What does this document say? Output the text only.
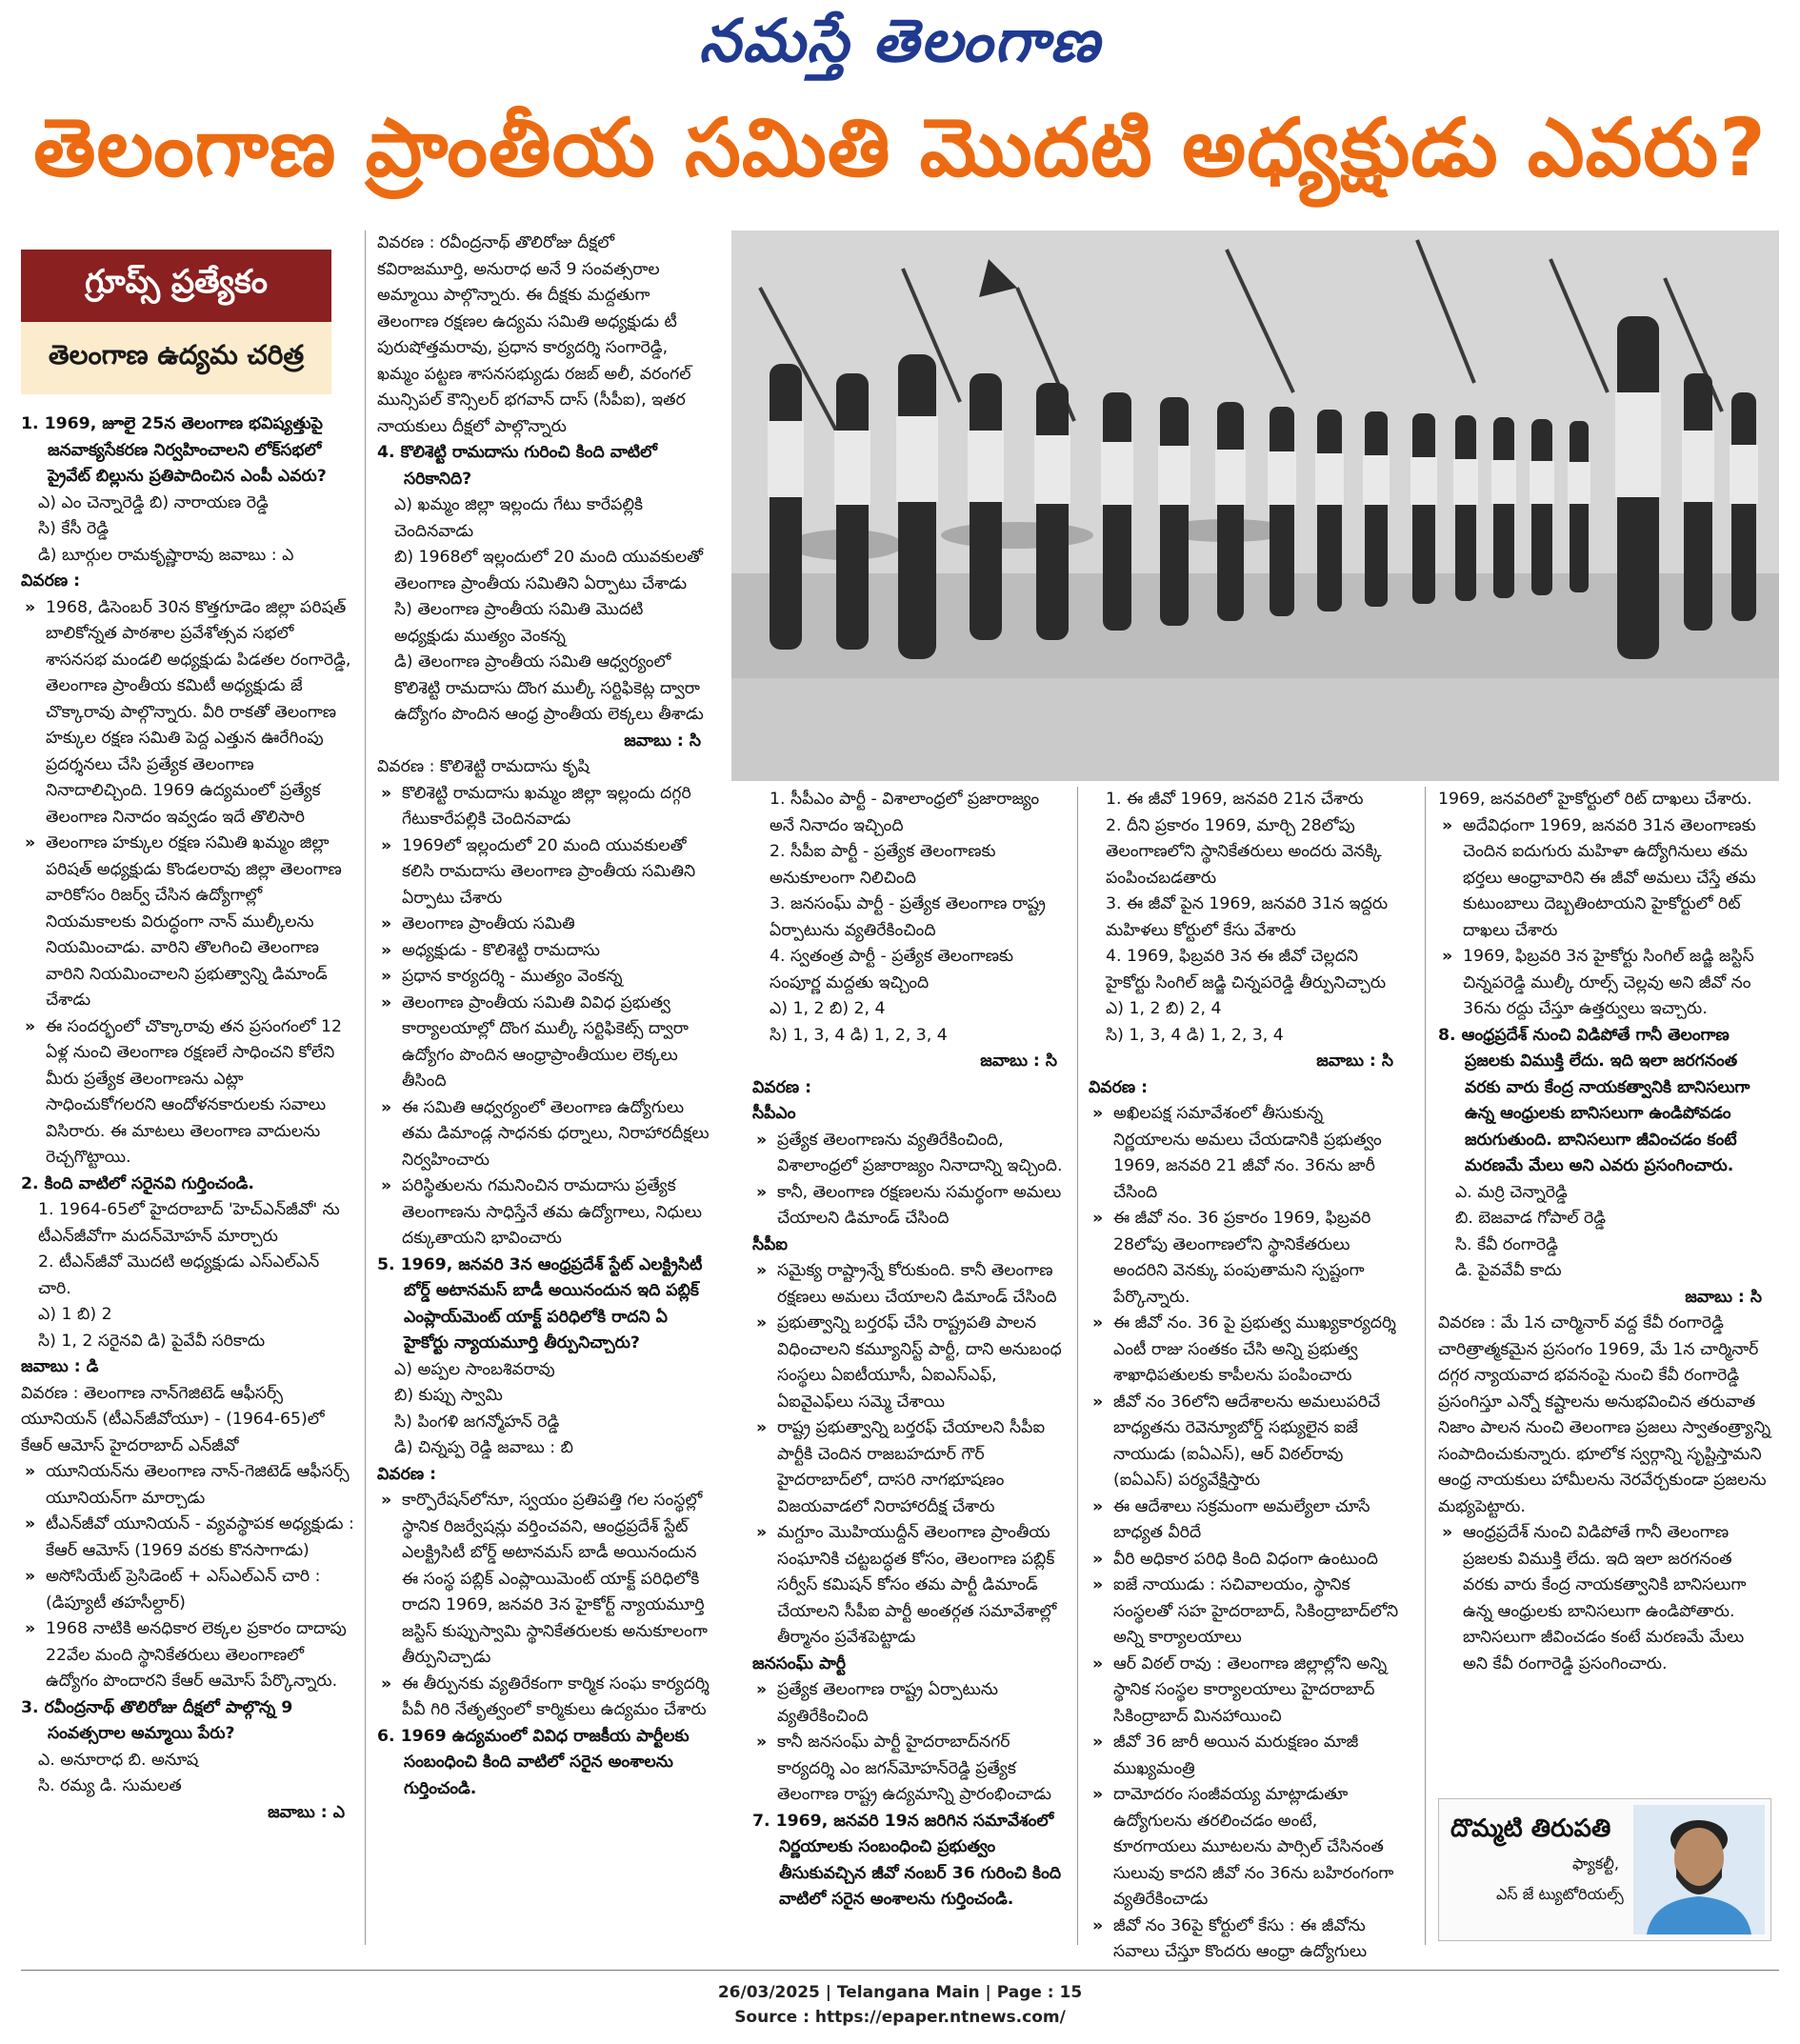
నమస్తే తెలంగాణ
తెలంగాణ ప్రాంతీయ సమితి మొదటి అధ్యక్షుడు ఎవరు?
గ్రూప్స్ ప్రత్యేకం
తెలంగాణ ఉద్యమ చరిత్ర

1. 1969, జూలై 25న తెలంగాణ భవిష్యత్తుపై జనవాక్యసేకరణ నిర్వహించాలని లోక్‌సభలో ప్రైవేట్ బిల్లును ప్రతిపాదించిన ఎంపీ ఎవరు?

ఎ) ఎం చెన్నారెడ్డి బి) నారాయణ రెడ్డి

సి) కేసీ రెడ్డి

డి) బూర్గుల రామకృష్ణారావు జవాబు : ఎ

వివరణ :

» 1968, డిసెంబర్ 30న కొత్తగూడెం జిల్లా పరిషత్ బాలికోన్నత పాఠశాల ప్రవేశోత్సవ సభలో శాసనసభ మండలి అధ్యక్షుడు పిడతల రంగారెడ్డి, తెలంగాణ ప్రాంతీయ కమిటీ అధ్యక్షుడు జే చొక్కారావు పాల్గొన్నారు. వీరి రాకతో తెలంగాణ హక్కుల రక్షణ సమితి పెద్ద ఎత్తున ఊరేగింపు ప్రదర్శనలు చేసి ప్రత్యేక తెలంగాణ నినాదాలిచ్చింది. 1969 ఉద్యమంలో ప్రత్యేక తెలంగాణ నినాదం ఇవ్వడం ఇదే తొలిసారి

» తెలంగాణ హక్కుల రక్షణ సమితి ఖమ్మం జిల్లా పరిషత్ అధ్యక్షుడు కొండలరావు జిల్లా తెలంగాణ వారికోసం రిజర్వ్ చేసిన ఉద్యోగాల్లో నియమకాలకు విరుద్ధంగా నాన్ ముల్కీలను నియమించాడు. వారిని తొలగించి తెలంగాణ వారిని నియమించాలని ప్రభుత్వాన్ని డిమాండ్ చేశాడు

» ఈ సందర్భంలో చొక్కారావు తన ప్రసంగంలో 12 ఏళ్ల నుంచి తెలంగాణ రక్షణలే సాధించని కోలేని మీరు ప్రత్యేక తెలంగాణను ఎట్లా సాధించుకోగలరని ఆందోళనకారులకు సవాలు విసిరారు. ఈ మాటలు తెలంగాణ వాదులను రెచ్చగొట్టాయి.

2. కింది వాటిలో సరైనవి గుర్తించండి.

1. 1964-65లో హైదరాబాద్ 'హెచ్‌ఎన్‌జీవో' ను టీఎన్‌జీవోగా మదన్‌మోహన్ మార్చారు

2. టీఎన్‌జీవో మొదటి అధ్యక్షుడు ఎస్‌ఎల్‌ఎన్ చారి.

ఎ) 1 బి) 2

సి) 1, 2 సరైనవి డి) పైవేవీ సరికాదు

జవాబు : డి

వివరణ : తెలంగాణ నాన్‌గెజిటెడ్ ఆఫీసర్స్ యూనియన్ (టీఎన్‌జీవోయూ) - (1964-65)లో కేఆర్ ఆమోస్ హైదరాబాద్ ఎన్‌జీవో

» యూనియన్‌ను తెలంగాణ నాన్-గెజిటెడ్ ఆఫీసర్స్ యూనియన్‌గా మార్చాడు

» టీఎన్‌జీవో యూనియన్ - వ్యవస్థాపక అధ్యక్షుడు : కేఆర్ ఆమోస్ (1969 వరకు కొనసాగాడు)

» అసోసియేట్ ప్రెసిడెంట్ + ఎస్‌ఎల్‌ఎన్ చారి : (డిప్యూటీ తహసీల్దార్)

» 1968 నాటికి అనధికార లెక్కల ప్రకారం దాదాపు 22వేల మంది స్థానికేతరులు తెలంగాణలో ఉద్యోగం పొందారని కేఆర్ ఆమోస్ పేర్కొన్నారు.

3. రవీంద్రనాథ్ తొలిరోజు దీక్షలో పాల్గొన్న 9 సంవత్సరాల అమ్మాయి పేరు?

ఎ. అనూరాధ బి. అనూష

సి. రమ్య డి. సుమలత

జవాబు : ఎ

వివరణ : రవీంద్రనాథ్ తొలిరోజు దీక్షలో కవిరాజమూర్తి, అనురాధ అనే 9 సంవత్సరాల అమ్మాయి పాల్గొన్నారు. ఈ దీక్షకు మద్దతుగా తెలంగాణ రక్షణల ఉద్యమ సమితి అధ్యక్షుడు టీ పురుషోత్తమరావు, ప్రధాన కార్యదర్శి సంగారెడ్డి, ఖమ్మం పట్టణ శాసనసభ్యుడు రజబ్ అలీ, వరంగల్ మున్సిపల్ కౌన్సిలర్ భగవాన్ దాస్ (సీపీఐ), ఇతర నాయకులు దీక్షలో పాల్గొన్నారు

4. కొలిశెట్టి రామదాసు గురించి కింది వాటిలో సరికానిది?

ఎ) ఖమ్మం జిల్లా ఇల్లందు గేటు కారేపల్లికి చెందినవాడు

బి) 1968లో ఇల్లందులో 20 మంది యువకులతో తెలంగాణ ప్రాంతీయ సమితిని ఏర్పాటు చేశాడు

సి) తెలంగాణ ప్రాంతీయ సమితి మొదటి అధ్యక్షుడు ముత్యం వెంకన్న

డి) తెలంగాణ ప్రాంతీయ సమితి ఆధ్వర్యంలో కొలిశెట్టి రామదాసు దొంగ ముల్కీ సర్టిఫికెట్ల ద్వారా ఉద్యోగం పొందిన ఆంధ్ర ప్రాంతీయ లెక్కలు తీశాడు

జవాబు : సి

వివరణ : కొలిశెట్టి రామదాసు కృషి

» కొలిశెట్టి రామదాసు ఖమ్మం జిల్లా ఇల్లందు దగ్గరి గేటుకారేపల్లికి చెందినవాడు

» 1969లో ఇల్లందులో 20 మంది యువకులతో కలిసి రామదాసు తెలంగాణ ప్రాంతీయ సమితిని ఏర్పాటు చేశారు

» తెలంగాణ ప్రాంతీయ సమితి

» అధ్యక్షుడు - కొలిశెట్టి రామదాసు

» ప్రధాన కార్యదర్శి - ముత్యం వెంకన్న

» తెలంగాణ ప్రాంతీయ సమితి వివిధ ప్రభుత్వ కార్యాలయాల్లో దొంగ ముల్కీ సర్టిఫికెట్స్ ద్వారా ఉద్యోగం పొందిన ఆంధ్రాప్రాంతీయుల లెక్కలు తీసింది

» ఈ సమితి ఆధ్వర్యంలో తెలంగాణ ఉద్యోగులు తమ డిమాండ్ల సాధనకు ధర్నాలు, నిరాహారదీక్షలు నిర్వహించారు

» పరిస్థితులను గమనించిన రామదాసు ప్రత్యేక తెలంగాణను సాధిస్తేనే తమ ఉద్యోగాలు, నిధులు దక్కుతాయని భావించారు

5. 1969, జనవరి 3న ఆంధ్రప్రదేశ్ స్టేట్ ఎలక్ట్రిసిటీ బోర్డ్ అటానమస్ బాడీ అయినందున ఇది పబ్లిక్ ఎంప్లాయ్‌మెంట్ యాక్ట్ పరిధిలోకి రాదని ఏ హైకోర్టు న్యాయమూర్తి తీర్పునిచ్చారు?

ఎ) అప్పల సాంబశివరావు

బి) కుప్పు స్వామి

సి) పింగళి జగన్మోహన్ రెడ్డి

డి) చిన్నప్ప రెడ్డి జవాబు : బి

వివరణ :

» కార్పొరేషన్‌లోనూ, స్వయం ప్రతిపత్తి గల సంస్థల్లో స్థానిక రిజర్వేషన్లు వర్తించవని, ఆంధ్రప్రదేశ్ స్టేట్ ఎలక్ట్రిసిటీ బోర్డ్ అటానమస్ బాడీ అయినందున ఈ సంస్థ పబ్లిక్ ఎంప్లాయిమెంట్ యాక్ట్ పరిధిలోకి రాదని 1969, జనవరి 3న హైకోర్ట్ న్యాయమూర్తి జస్టిస్ కుప్పుస్వామి స్థానికేతరులకు అనుకూలంగా తీర్పునిచ్చాడు

» ఈ తీర్పునకు వ్యతిరేకంగా కార్మిక సంఘ కార్యదర్శి పీవీ గిరి నేతృత్వంలో కార్మికులు ఉద్యమం చేశారు

6. 1969 ఉద్యమంలో వివిధ రాజకీయ పార్టీలకు సంబంధించి కింది వాటిలో సరైన అంశాలను గుర్తించండి.

1. సీపీఎం పార్టీ - విశాలాంధ్రలో ప్రజారాజ్యం అనే నినాదం ఇచ్చింది

2. సీపీఐ పార్టీ - ప్రత్యేక తెలంగాణకు అనుకూలంగా నిలిచింది

3. జనసంఘ్ పార్టీ - ప్రత్యేక తెలంగాణ రాష్ట్ర ఏర్పాటును వ్యతిరేకించింది

4. స్వతంత్ర పార్టీ - ప్రత్యేక తెలంగాణకు సంపూర్ణ మద్దతు ఇచ్చింది

ఎ) 1, 2 బి) 2, 4

సి) 1, 3, 4 డి) 1, 2, 3, 4

జవాబు : సి

వివరణ :

సీపీఎం

» ప్రత్యేక తెలంగాణను వ్యతిరేకించింది, విశాలాంధ్రలో ప్రజారాజ్యం నినాదాన్ని ఇచ్చింది.

» కానీ, తెలంగాణ రక్షణలను సమర్థంగా అమలు చేయాలని డిమాండ్ చేసింది

సీపీఐ

» సమైక్య రాష్ట్రాన్నే కోరుకుంది. కానీ తెలంగాణ రక్షణలు అమలు చేయాలని డిమాండ్ చేసింది

» ప్రభుత్వాన్ని బర్తరఫ్ చేసి రాష్ట్రపతి పాలన విధించాలని కమ్యూనిస్ట్ పార్టీ, దాని అనుబంధ సంస్థలు ఏఐటీయూసీ, ఏఐఎస్ఎఫ్, ఏఐవైఎఫ్‌లు సమ్మె చేశాయి

» రాష్ట్ర ప్రభుత్వాన్ని బర్తరఫ్ చేయాలని సీపీఐ పార్టీకి చెందిన రాజబహదూర్ గౌర్ హైదరాబాద్‌లో, దాసరి నాగభూషణం విజయవాడలో నిరాహారదీక్ష చేశారు

» మగ్దూం మొహియుద్దీన్ తెలంగాణ ప్రాంతీయ సంఘానికి చట్టబద్ధత కోసం, తెలంగాణ పబ్లిక్ సర్వీస్ కమిషన్ కోసం తమ పార్టీ డిమాండ్ చేయాలని సీపీఐ పార్టీ అంతర్గత సమావేశాల్లో తీర్మానం ప్రవేశపెట్టాడు

జనసంఘ్ పార్టీ

» ప్రత్యేక తెలంగాణ రాష్ట్ర ఏర్పాటును వ్యతిరేకించింది

» కానీ జనసంఘ్ పార్టీ హైదరాబాద్‌నగర్ కార్యదర్శి ఎం జగన్‌మోహన్‌రెడ్డి ప్రత్యేక తెలంగాణ రాష్ట్ర ఉద్యమాన్ని ప్రారంభించాడు

7. 1969, జనవరి 19న జరిగిన సమావేశంలో నిర్ణయాలకు సంబంధించి ప్రభుత్వం తీసుకువచ్చిన జీవో నంబర్ 36 గురించి కింది వాటిలో సరైన అంశాలను గుర్తించండి.

1. ఈ జీవో 1969, జనవరి 21న చేశారు

2. దీని ప్రకారం 1969, మార్చి 28లోపు తెలంగాణలోని స్థానికేతరులు అందరు వెనక్కి పంపించబడతారు

3. ఈ జీవో పైన 1969, జనవరి 31న ఇద్దరు మహిళలు కోర్టులో కేసు వేశారు

4. 1969, ఫిబ్రవరి 3న ఈ జీవో చెల్లదని హైకోర్టు సింగిల్ జడ్జి చిన్నపరెడ్డి తీర్పునిచ్చారు

ఎ) 1, 2 బి) 2, 4

సి) 1, 3, 4 డి) 1, 2, 3, 4

జవాబు : సి

వివరణ :

» అఖిలపక్ష సమావేశంలో తీసుకున్న నిర్ణయాలను అమలు చేయడానికి ప్రభుత్వం 1969, జనవరి 21 జీవో నం. 36ను జారీ చేసింది

» ఈ జీవో నం. 36 ప్రకారం 1969, ఫిబ్రవరి 28లోపు తెలంగాణలోని స్థానికేతరులు అందరిని వెనక్కు పంపుతామని స్పష్టంగా పేర్కొన్నారు.

» ఈ జీవో నం. 36 పై ప్రభుత్వ ముఖ్యకార్యదర్శి ఎంటీ రాజు సంతకం చేసి అన్ని ప్రభుత్వ శాఖాధిపతులకు కాపీలను పంపించారు

» జీవో నం 36లోని ఆదేశాలను అమలుపరిచే బాధ్యతను రెవెన్యూబోర్డ్ సభ్యులైన ఐజే నాయుడు (ఐఏఎస్), ఆర్ విఠల్‌రావు (ఐఏఎస్) పర్యవేక్షిస్తారు

» ఈ ఆదేశాలు సక్రమంగా అమల్యేలా చూసే బాధ్యత వీరిదే

» వీరి అధికార పరిధి కింది విధంగా ఉంటుంది

» ఐజే నాయుడు : సచివాలయం, స్థానిక సంస్థలతో సహ హైదరాబాద్, సికింద్రాబాద్‌లోని అన్ని కార్యాలయాలు

» ఆర్ విఠల్ రావు : తెలంగాణ జిల్లాల్లోని అన్ని స్థానిక సంస్థల కార్యాలయాలు హైదరాబాద్ సికింద్రాబాద్ మినహాయించి

» జీవో 36 జారీ అయిన మరుక్షణం మాజీ ముఖ్యమంత్రి

» దామోదరం సంజీవయ్య మాట్లాడుతూ ఉద్యోగులను తరలించడం అంటే, కూరగాయలు మూటలను పార్సిల్ చేసినంత సులువు కాదని జీవో నం 36ను బహిరంగంగా వ్యతిరేకించాడు

» జీవో నం 36పై కోర్టులో కేసు : ఈ జీవోను సవాలు చేస్తూ కొందరు ఆంధ్రా ఉద్యోగులు

1969, జనవరిలో హైకోర్టులో రిట్ దాఖలు చేశారు.

» అదేవిధంగా 1969, జనవరి 31న తెలంగాణకు చెందిన ఐదుగురు మహిళా ఉద్యోగినులు తమ భర్తలు ఆంధ్రావారిని ఈ జీవో అమలు చేస్తే తమ కుటుంబాలు దెబ్బతింటాయని హైకోర్టులో రిట్ దాఖలు చేశారు

» 1969, ఫిబ్రవరి 3న హైకోర్టు సింగిల్ జడ్జి జస్టిస్ చిన్నపరెడ్డి ముల్కీ రూల్స్ చెల్లవు అని జీవో నం 36ను రద్దు చేస్తూ ఉత్తర్వులు ఇచ్చారు.

8. ఆంధ్రప్రదేశ్ నుంచి విడిపోతే గానీ తెలంగాణ ప్రజలకు విముక్తి లేదు. ఇది ఇలా జరగనంత వరకు వారు కేంద్ర నాయకత్వానికి బానిసలుగా ఉన్న ఆంధ్రులకు బానిసలుగా ఉండిపోవడం జరుగుతుంది. బానిసలుగా జీవించడం కంటే మరణమే మేలు అని ఎవరు ప్రసంగించారు.

ఎ. మర్రి చెన్నారెడ్డి

బి. బెజవాడ గోపాల్ రెడ్డి

సి. కేవీ రంగారెడ్డి

డి. పైవవేవీ కాదు

జవాబు : సి

వివరణ : మే 1న చార్మినార్ వద్ద కేవీ రంగారెడ్డి చారిత్రాత్మకమైన ప్రసంగం 1969, మే 1న చార్మినార్ దగ్గర న్యాయవాద భవనంపై నుంచి కేవీ రంగారెడ్డి ప్రసంగిస్తూ ఎన్నో కష్టాలను అనుభవించిన తరువాత నిజాం పాలన నుంచి తెలంగాణ ప్రజలు స్వాతంత్ర్యాన్ని సంపాదించుకున్నారు. భూలోక స్వర్గాన్ని సృష్టిస్తామని ఆంధ్ర నాయకులు హామీలను నెరవేర్చకుండా ప్రజలను మభ్యపెట్టారు.

» ఆంధ్రప్రదేశ్ నుంచి విడిపోతే గానీ తెలంగాణ ప్రజలకు విముక్తి లేదు. ఇది ఇలా జరగనంత వరకు వారు కేంద్ర నాయకత్వానికి బానిసలుగా ఉన్న ఆంధ్రులకు బానిసలుగా ఉండిపోతారు. బానిసలుగా జీవించడం కంటే మరణమే మేలు అని కేవీ రంగారెడ్డి ప్రసంగించారు.

దొమ్మటి తిరుపతి
ఫ్యాకల్టీ,
ఎస్ జే ట్యుటోరియల్స్
26/03/2025 | Telangana Main | Page : 15
Source : https://epaper.ntnews.com/
